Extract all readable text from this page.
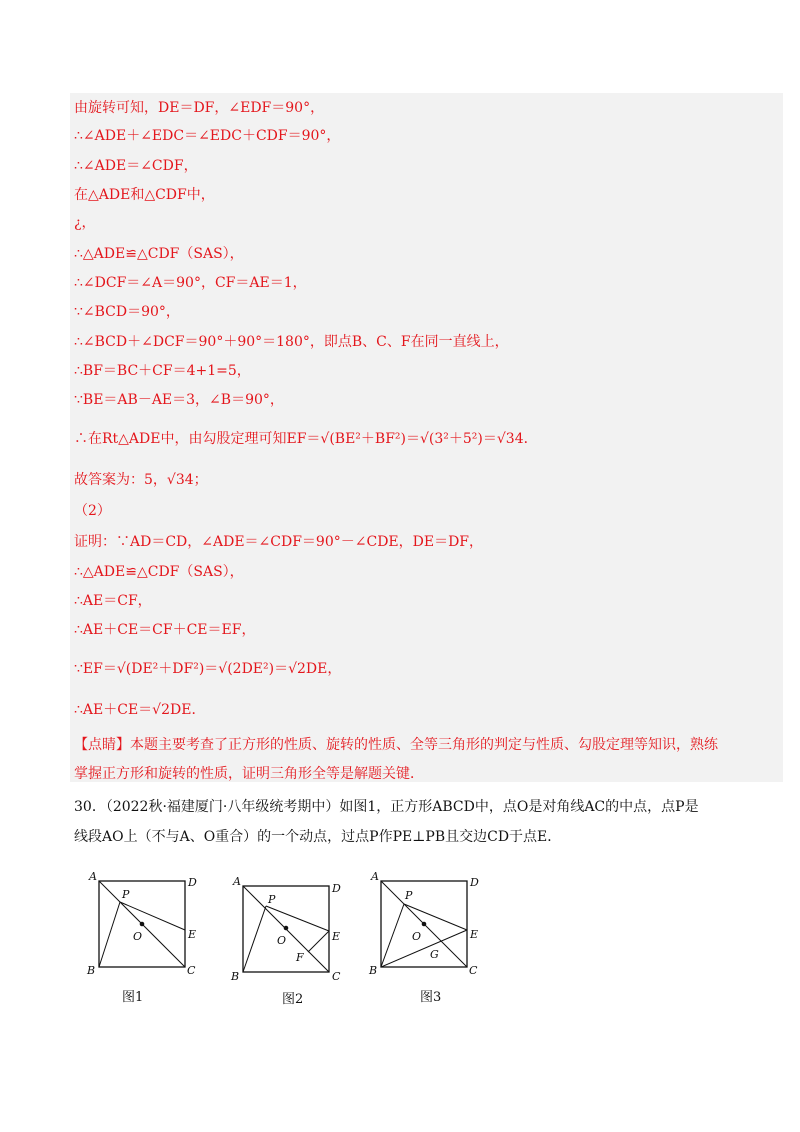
由旋转可知，DE＝DF，∠EDF＝90°，
∴∠ADE＋∠EDC＝∠EDC＋CDF＝90°，
∴∠ADE＝∠CDF，
在△ADE和△CDF中，
¿，
∴△ADE≌△CDF（SAS），
∴∠DCF＝∠A＝90°，CF＝AE＝1，
∵∠BCD＝90°，
∴∠BCD＋∠DCF＝90°＋90°＝180°，即点B、C、F在同一直线上，
∴BF＝BC＋CF＝4+1=5，
∵BE＝AB－AE＝3，∠B＝90°，
∴在Rt△ADE中，由勾股定理可知EF＝√(BE²＋BF²)＝√(3²＋5²)＝√34．
故答案为：5，√34；
（2）
证明：∵AD＝CD，∠ADE＝∠CDF＝90°－∠CDE，DE＝DF，
∴△ADE≌△CDF（SAS），
∴AE＝CF，
∴AE＋CE＝CF＋CE＝EF，
∵EF＝√(DE²＋DF²)＝√(2DE²)＝√2DE，
∴AE＋CE＝√2DE．
【点睛】本题主要考查了正方形的性质、旋转的性质、全等三角形的判定与性质、勾股定理等知识，熟练
掌握正方形和旋转的性质，证明三角形全等是解题关键．
30．（2022秋·福建厦门·八年级统考期中）如图1，正方形ABCD中，点O是对角线AC的中点，点P是
线段AO上（不与A、O重合）的一个动点，过点P作PE⊥PB且交边CD于点E．
A	D
B	C
P
O	E
图1
A
D
B	C
P
O	E
F
图2
A	D
B	C
P
O	E
G
图3
